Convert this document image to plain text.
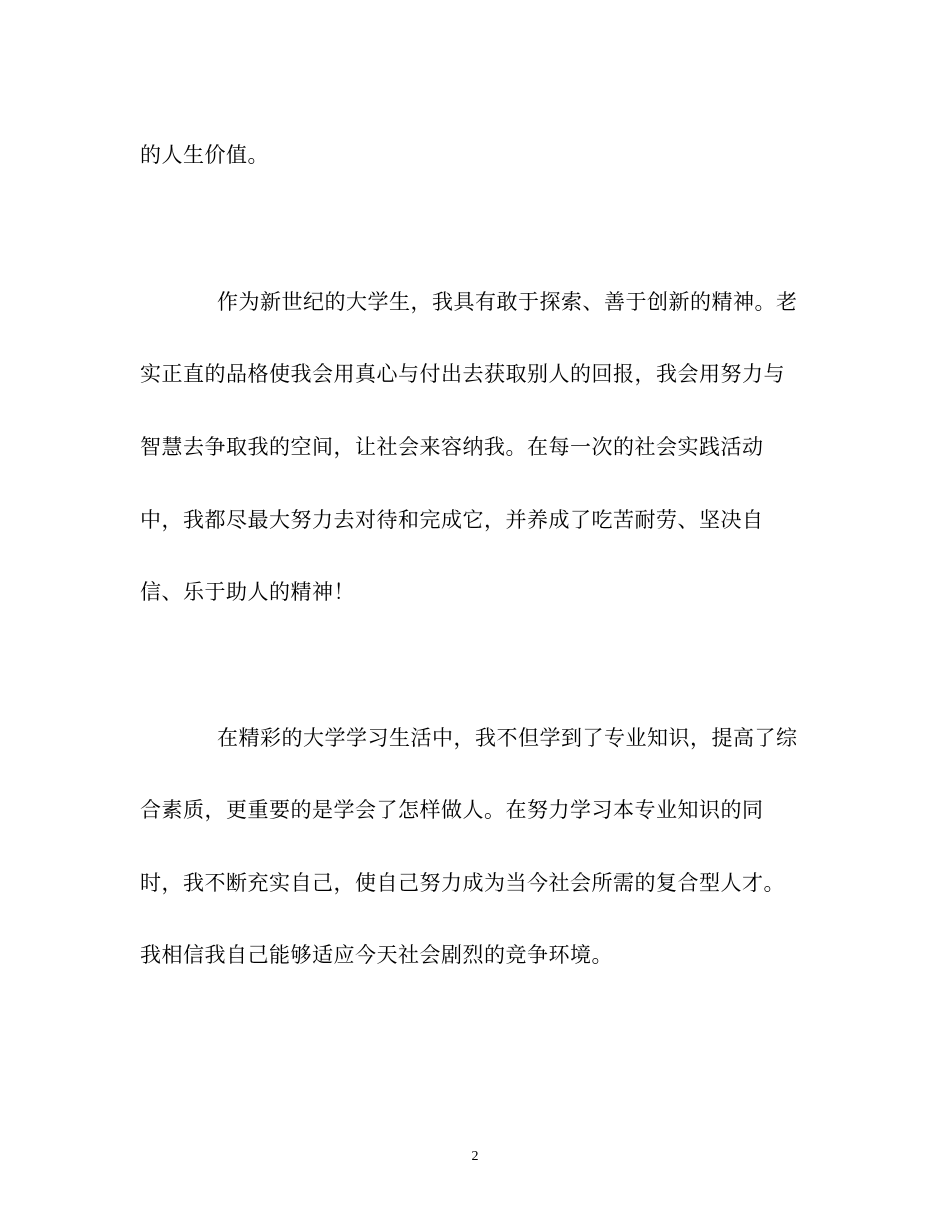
的人生价值。
作为新世纪的大学生，我具有敢于探索、善于创新的精神。老
实正直的品格使我会用真心与付出去获取别人的回报，我会用努力与
智慧去争取我的空间，让社会来容纳我。在每一次的社会实践活动
中，我都尽最大努力去对待和完成它，并养成了吃苦耐劳、坚决自
信、乐于助人的精神！
在精彩的大学学习生活中，我不但学到了专业知识，提高了综
合素质，更重要的是学会了怎样做人。在努力学习本专业知识的同
时，我不断充实自己，使自己努力成为当今社会所需的复合型人才。
我相信我自己能够适应今天社会剧烈的竞争环境。
2
